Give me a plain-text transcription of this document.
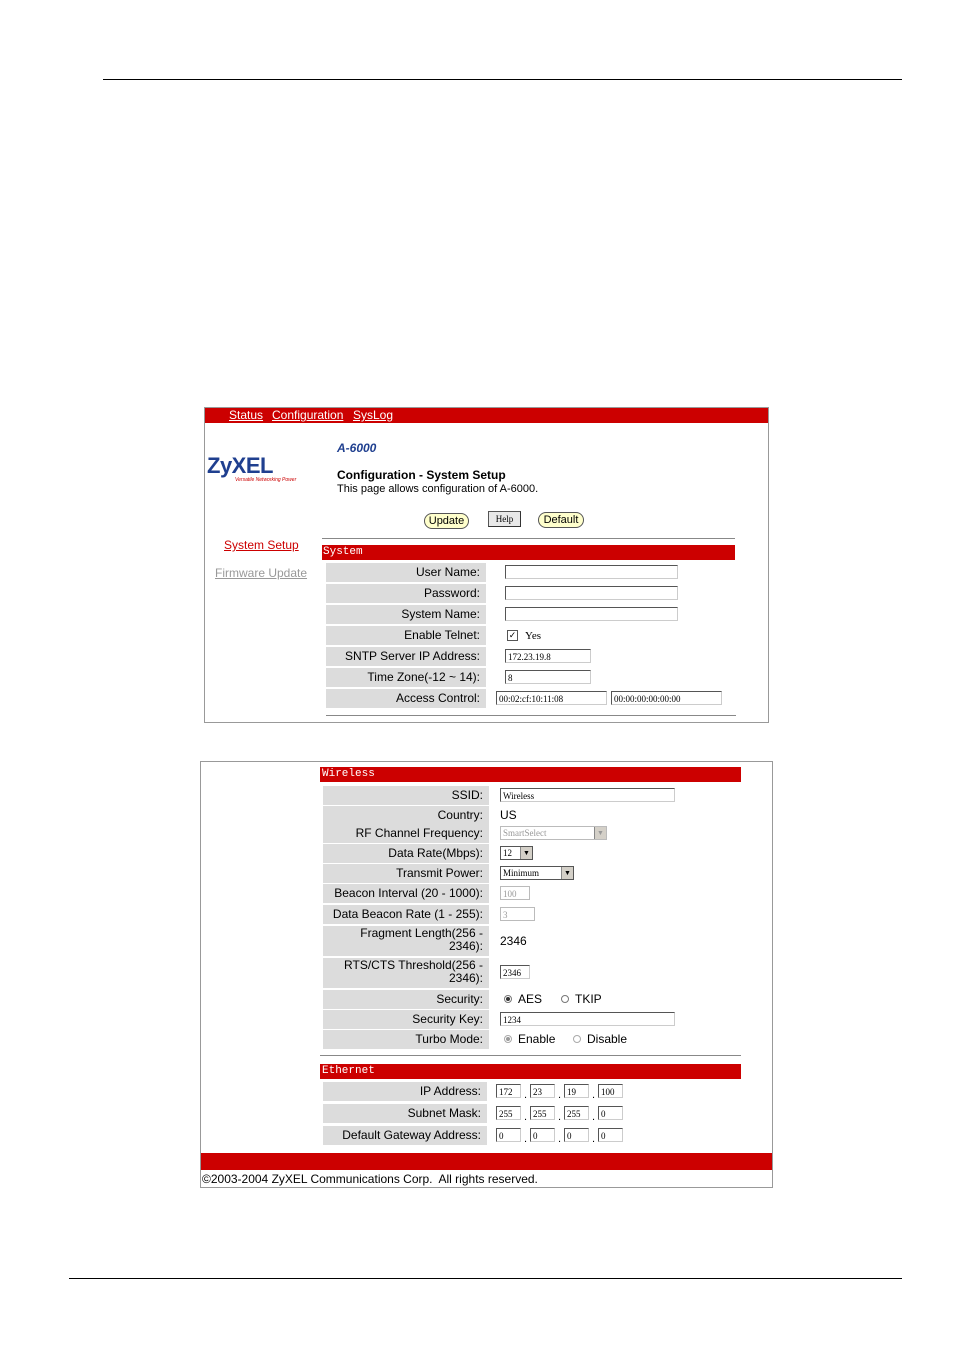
Status Configuration SysLog
ZyXEL
Versatile Networking Power
A-6000
Configuration - System Setup
This page allows configuration of A-6000.
Update	Help	Default
System Setup
Firmware Update
System
User Name:
Password:
System Name:
Enable Telnet:	✓ Yes
SNTP Server IP Address:	172.23.19.8
Time Zone(-12 ~ 14):	8
Access Control:	00:02:cf:10:11:08	00:00:00:00:00:00
Wireless
SSID:	Wireless
Country:	US
RF Channel Frequency:	SmartSelect	▼
Data Rate(Mbps):	12	▼
Transmit Power:	Minimum	▼
Beacon Interval (20 - 1000):	100
Data Beacon Rate (1 - 255):	3
Fragment Length(256 -
2346): 2346
RTS/CTS Threshold(256 -
2346):	2346
Security:	AES	TKIP
Security Key:	1234
Turbo Mode:	Enable	Disable
Ethernet
IP Address:	172	. 23	. 19	. 100
Subnet Mask:	255	. 255	. 255	. 0
Default Gateway Address:	0	. 0	. 0	. 0
©2003-2004 ZyXEL Communications Corp.  All rights reserved.
